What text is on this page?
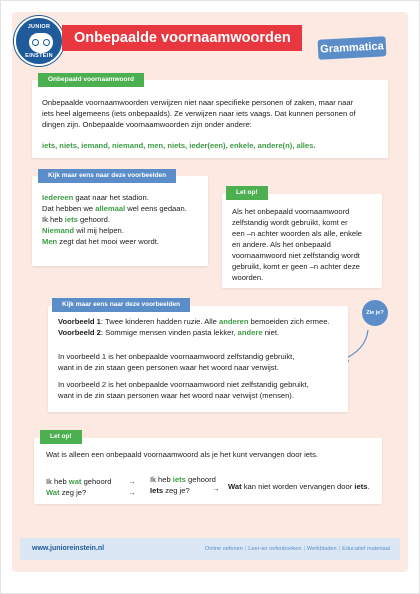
JUNIOR
EINSTEIN
Onbepaalde voornaamwoorden
Grammatica
Onbepaalde voornaamwoorden verwijzen niet naar specifieke personen of zaken, maar naar
iets heel algemeens (iets onbepaalds). Ze verwijzen naar iets vaags. Dat kunnen personen of
dingen zijn. Onbepaalde voornaamwoorden zijn onder andere:
iets, niets, iemand, niemand, men, niets, ieder(een), enkele, andere(n), alles.
Onbepaald voornaamwoord
Iedereen gaat naar het stadion.
Dat hebben we allemaal wel eens gedaan.
Ik heb iets gehoord.
Niemand wil mij helpen.
Men zegt dat het mooi weer wordt.
Kijk maar eens naar deze voorbeelden
Als het onbepaald voornaamwoord
zelfstandig wordt gebruikt, komt er
een –n achter woorden als alle, enkele
en andere. Als het onbepaald
voornaamwoord niet zelfstandig wordt
gebruikt, komt er geen –n achter deze
woorden.
Let op!
Zie je?
Voorbeeld 1: Twee kinderen hadden ruzie. Alle anderen bemoeiden zich ermee.
Voorbeeld 2: Sommige mensen vinden pasta lekker, andere niet.
In voorbeeld 1 is het onbepaalde voornaamwoord zelfstandig gebruikt,
want in de zin staan geen personen waar het woord naar verwijst.
In voorbeeld 2 is het onbepaalde voornaamwoord niet zelfstandig gebruikt,
want in de zin staan personen waar het woord naar verwijst (mensen).
Kijk maar eens naar deze voorbeelden
Wat is alleen een onbepaald voornaamwoord als je het kunt vervangen door iets.
Ik heb wat gehoord
Wat zeg je?
→
→
Ik heb iets gehoord
Iets zeg je?	→ Wat kan niet worden vervangen door iets.
Let op!
www.junioreinstein.nl	Online oefenen | Leer-en oefenboeken | Werkbladen | Educatief materiaal
